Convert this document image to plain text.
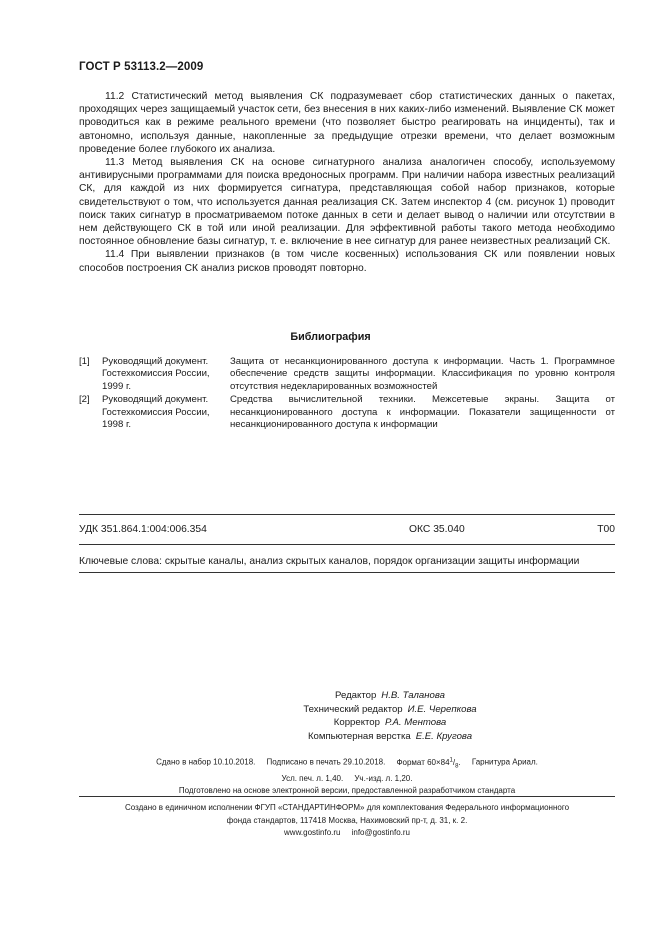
ГОСТ Р 53113.2—2009

11.2 Статистический метод выявления СК подразумевает сбор статистических данных о пакетах, проходящих через защищаемый участок сети, без внесения в них каких-либо изменений. Выявление СК может проводиться как в режиме реального времени (что позволяет быстро реагировать на инциденты), так и автономно, используя данные, накопленные за предыдущие отрезки времени, что делает возможным проведение более глубокого их анализа.

11.3 Метод выявления СК на основе сигнатурного анализа аналогичен способу, используемому антивирусными программами для поиска вредоносных программ. При наличии набора известных реализаций СК, для каждой из них формируется сигнатура, представляющая собой набор признаков, которые свидетельствуют о том, что используется данная реализация СК. Затем инспектор 4 (см. рисунок 1) проводит поиск таких сигнатур в просматриваемом потоке данных в сети и делает вывод о наличии или отсутствии в нем действующего СК в той или иной реализации. Для эффективной работы такого метода необходимо постоянное обновление базы сигнатур, т. е. включение в нее сигнатур для ранее неизвестных реализаций СК.

11.4 При выявлении признаков (в том числе косвенных) использования СК или появлении новых способов построения СК анализ рисков проводят повторно.

Библиография
[1]	Руководящий документ. Гостехкомиссия России, 1999 г.
Защита от несанкционированного доступа к информации. Часть 1. Программное обеспечение средств защиты информации. Классификация по уровню контроля отсутствия недекларированных возможностей
[2]	Руководящий документ. Гостехкомиссия России, 1998 г.
Средства вычислительной техники. Межсетевые экраны. Защита от несанкционированного доступа к информации. Показатели защищенности от несанкционированного доступа к информации
УДК 351.864.1:004:006.354	ОКС 35.040	Т00
Ключевые слова: скрытые каналы, анализ скрытых каналов, порядок организации защиты информации
Редактор Н.В. Таланова
Технический редактор И.Е. Черепкова
Корректор Р.А. Ментова
Компьютерная верстка Е.Е. Кругова
Сдано в набор 10.10.2018. Подписано в печать 29.10.2018. Формат $60\times 84^1/_8$. Гарнитура Ариал.
Усл. печ. л. 1,40. Уч.-изд. л. 1,20.
Подготовлено на основе электронной версии, предоставленной разработчиком стандарта
Создано в единичном исполнении ФГУП «СТАНДАРТИНФОРМ» для комплектования Федерального информационного
фонда стандартов, 117418 Москва, Нахимовский пр-т, д. 31, к. 2.
www.gostinfo.ru info@gostinfo.ru
